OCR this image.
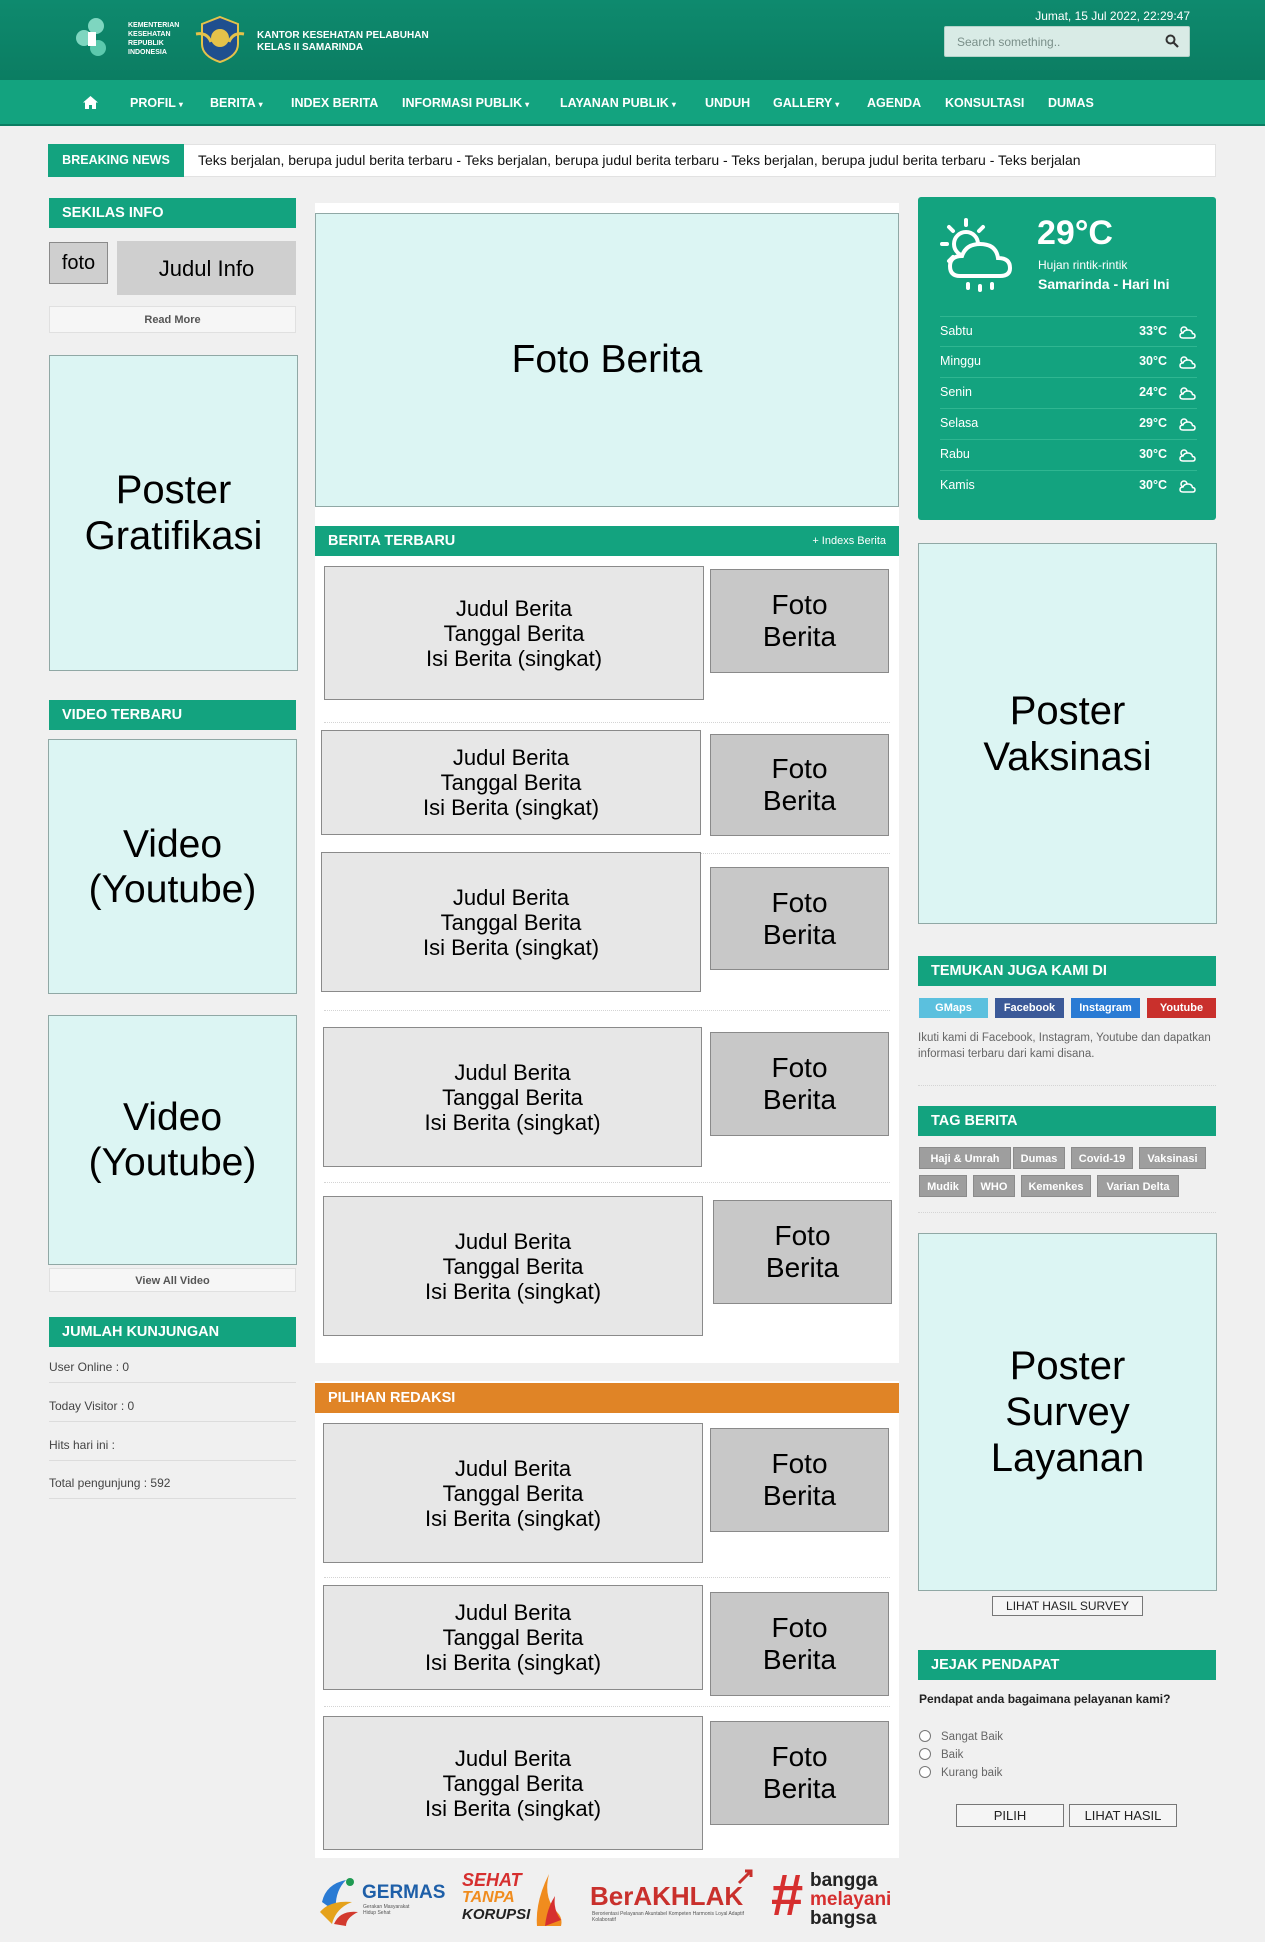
KEMENTERIAN
KESEHATAN
REPUBLIK
INDONESIA
KANTOR KESEHATAN PELABUHAN
KELAS II SAMARINDA
Jumat, 15 Jul 2022, 22:29:47
Search something..
PROFIL ▾ BERITA ▾ INDEX BERITA INFORMASI PUBLIK ▾ LAYANAN PUBLIK ▾ UNDUH GALLERY ▾ AGENDA KONSULTASI DUMAS
BREAKING NEWS	Teks berjalan, berupa judul berita terbaru - Teks berjalan, berupa judul berita terbaru - Teks berjalan, berupa judul berita terbaru - Teks berjalan
SEKILAS INFO
foto	Judul Info
Read More
Poster
Gratifikasi
VIDEO TERBARU
Video
(Youtube)
Video
(Youtube)
View All Video
JUMLAH KUNJUNGAN
User Online : 0
Today Visitor : 0
Hits hari ini :
Total pengunjung : 592
Foto Berita
BERITA TERBARU	+ Indexs Berita
Judul Berita
Tanggal Berita
Isi Berita (singkat)
Foto
Berita
Judul Berita
Tanggal Berita
Isi Berita (singkat)
Foto
Berita
Judul Berita
Tanggal Berita
Isi Berita (singkat)
Foto
Berita
Judul Berita
Tanggal Berita
Isi Berita (singkat)
Foto
Berita
Judul Berita
Tanggal Berita
Isi Berita (singkat)
Foto
Berita
PILIHAN REDAKSI
Judul Berita
Tanggal Berita
Isi Berita (singkat)
Foto
Berita
Judul Berita
Tanggal Berita
Isi Berita (singkat)
Foto
Berita
Judul Berita
Tanggal Berita
Isi Berita (singkat)
Foto
Berita
29°C
Hujan rintik-rintik
Samarinda - Hari Ini
Sabtu	33°C
Minggu	30°C
Senin	24°C
Selasa	29°C
Rabu	30°C
Kamis	30°C
Poster
Vaksinasi
TEMUKAN JUGA KAMI DI
GMaps	Facebook	Instagram	Youtube
Ikuti kami di Facebook, Instagram, Youtube dan dapatkan informasi terbaru dari kami disana.
TAG BERITA
Haji & Umrah	Dumas	Covid-19	Vaksinasi
Mudik	WHO	Kemenkes	Varian Delta
Poster
Survey
Layanan
LIHAT HASIL SURVEY
JEJAK PENDAPAT
Pendapat anda bagaimana pelayanan kami?
Sangat Baik
Baik
Kurang baik
PILIH	LIHAT HASIL
GERMAS
Gerakan Masyarakat Hidup Sehat
SEHAT
TANPA
KORUPSI
BerAKHLAK
Berorientasi Pelayanan Akuntabel Kompeten Harmonis Loyal Adaptif Kolaboratif	# bangga
melayani
bangsa
